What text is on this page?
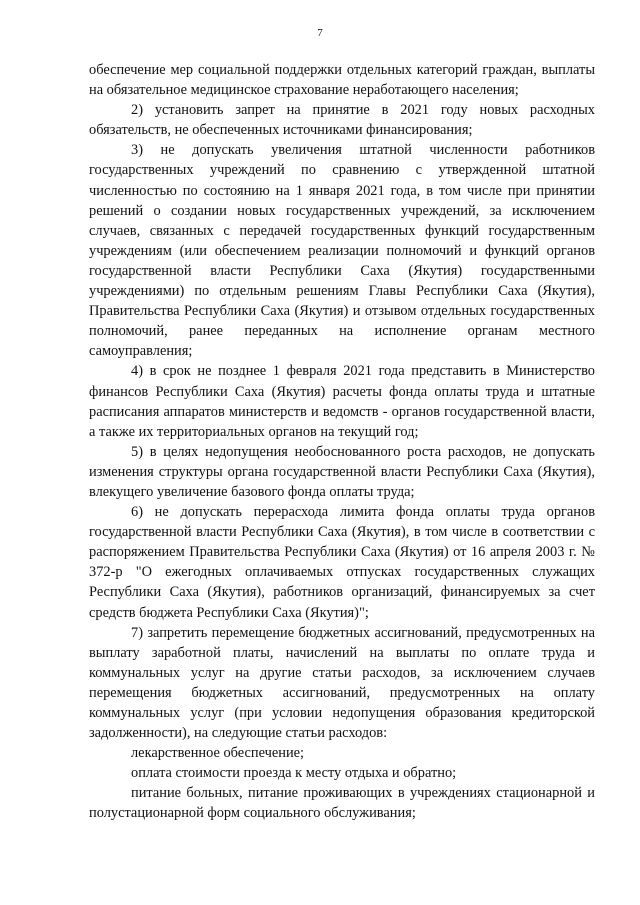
7

обеспечение мер социальной поддержки отдельных категорий граждан, выплаты на обязательное медицинское страхование неработающего населения;

2) установить запрет на принятие в 2021 году новых расходных обязательств, не обеспеченных источниками финансирования;

3) не допускать увеличения штатной численности работников государственных учреждений по сравнению с утвержденной штатной численностью по состоянию на 1 января 2021 года, в том числе при принятии решений о создании новых государственных учреждений, за исключением случаев, связанных с передачей государственных функций государственным учреждениям (или обеспечением реализации полномочий и функций органов государственной власти Республики Саха (Якутия) государственными учреждениями) по отдельным решениям Главы Республики Саха (Якутия), Правительства Республики Саха (Якутия) и отзывом отдельных государственных полномочий, ранее переданных на исполнение органам местного самоуправления;

4) в срок не позднее 1 февраля 2021 года представить в Министерство финансов Республики Саха (Якутия) расчеты фонда оплаты труда и штатные расписания аппаратов министерств и ведомств - органов государственной власти, а также их территориальных органов на текущий год;

5) в целях недопущения необоснованного роста расходов, не допускать изменения структуры органа государственной власти Республики Саха (Якутия), влекущего увеличение базового фонда оплаты труда;

6) не допускать перерасхода лимита фонда оплаты труда органов государственной власти Республики Саха (Якутия), в том числе в соответствии с распоряжением Правительства Республики Саха (Якутия) от 16 апреля 2003 г. № 372-р "О ежегодных оплачиваемых отпусках государственных служащих Республики Саха (Якутия), работников организаций, финансируемых за счет средств бюджета Республики Саха (Якутия)";

7) запретить перемещение бюджетных ассигнований, предусмотренных на выплату заработной платы, начислений на выплаты по оплате труда и коммунальных услуг на другие статьи расходов, за исключением случаев перемещения бюджетных ассигнований, предусмотренных на оплату коммунальных услуг (при условии недопущения образования кредиторской задолженности), на следующие статьи расходов:

лекарственное обеспечение;

оплата стоимости проезда к месту отдыха и обратно;

питание больных, питание проживающих в учреждениях стационарной и полустационарной форм социального обслуживания;
